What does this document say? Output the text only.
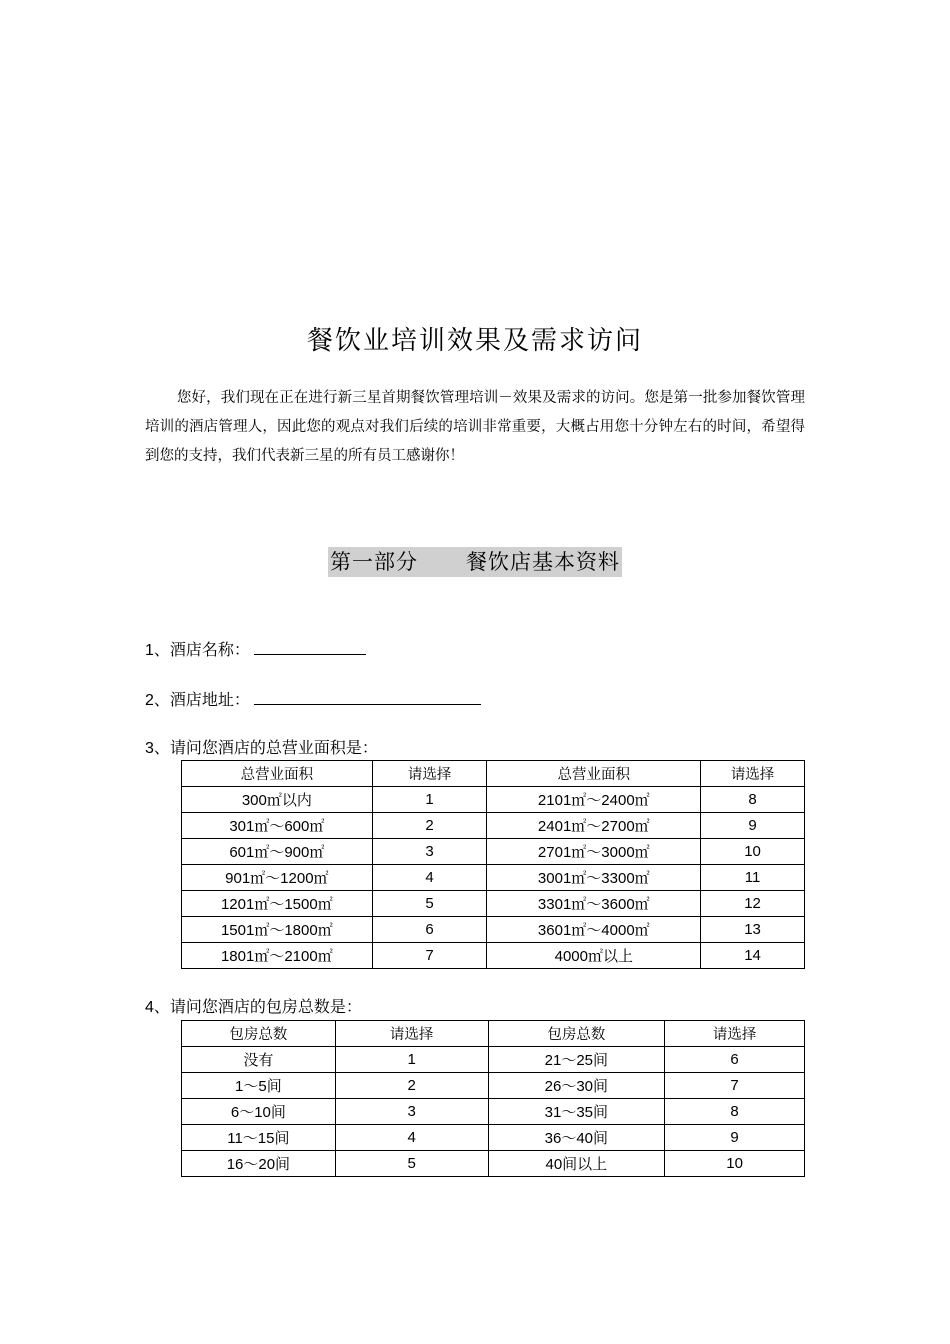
餐饮业培训效果及需求访问
您好，我们现在正在进行新三星首期餐饮管理培训－效果及需求的访问。您是第一批参加餐饮管理培训的酒店管理人，因此您的观点对我们后续的培训非常重要，大概占用您十分钟左右的时间，希望得到您的支持，我们代表新三星的所有员工感谢你！
第一部分 餐饮店基本资料
1、酒店名称：
2、酒店地址：
3、请问您酒店的总营业面积是：
总营业面积	请选择	总营业面积	请选择
300㎡以内	1	2101㎡～2400㎡	8
301㎡～600㎡	2	2401㎡～2700㎡	9
601㎡～900㎡	3	2701㎡～3000㎡	10
901㎡～1200㎡	4	3001㎡～3300㎡	11
1201㎡～1500㎡	5	3301㎡～3600㎡	12
1501㎡～1800㎡	6	3601㎡～4000㎡	13
1801㎡～2100㎡	7	4000㎡以上	14
4、请问您酒店的包房总数是：
包房总数	请选择	包房总数	请选择
没有	1	21～25间	6
1～5间	2	26～30间	7
6～10间	3	31～35间	8
11～15间	4	36～40间	9
16～20间	5	40间以上	10
